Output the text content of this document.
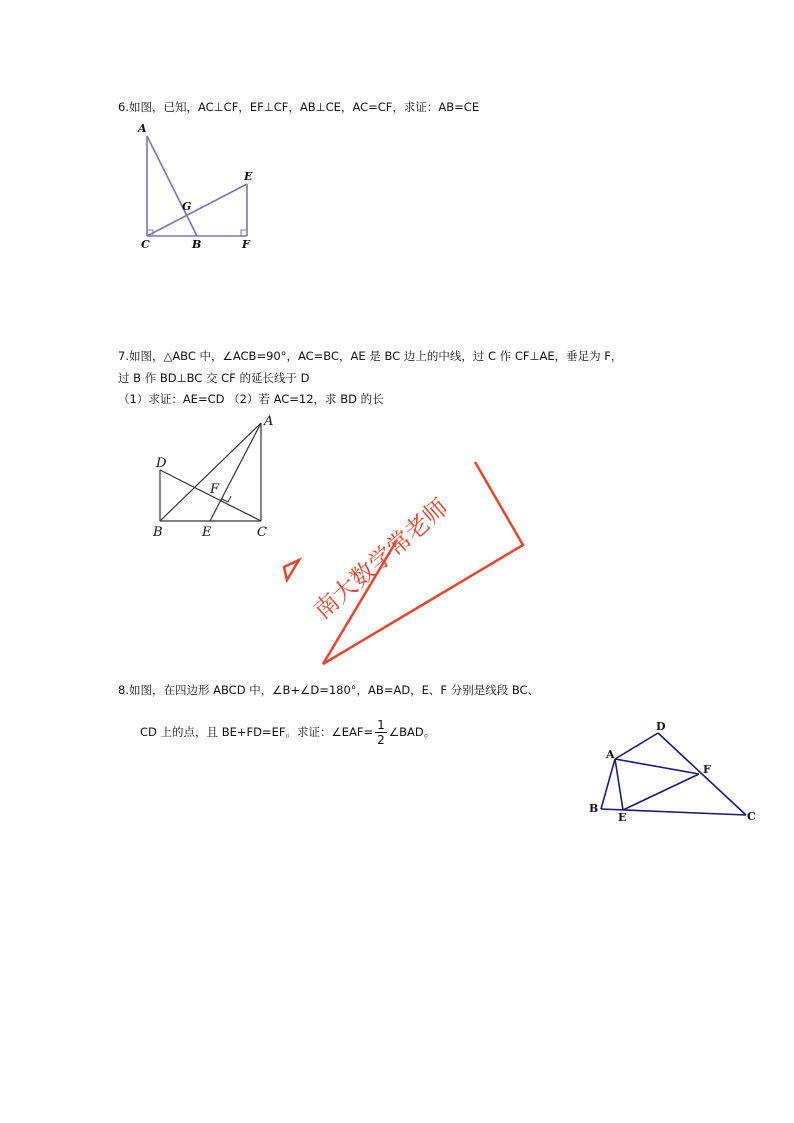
6.如图，已知，AC⊥CF，EF⊥CF，AB⊥CE，AC=CF，求证：AB=CE
A
E
G
C	B	F
7.如图，△ABC 中，∠ACB=90°，AC=BC，AE 是 BC 边上的中线，过 C 作 CF⊥AE，垂足为 F，
过 B 作 BD⊥BC 交 CF 的延长线于 D
（1）求证：AE=CD （2）若 AC=12，求 BD 的长
A
D
F
B	E	C 南大数学常老师
8.如图，在四边形 ABCD 中，∠B+∠D=180°，AB=AD，E、F 分别是线段 BC、
CD 上的点，且 BE+FD=EF。求证：∠EAF= $\frac{1}{2}$ ∠BAD。	D
A
F
B
E	C
